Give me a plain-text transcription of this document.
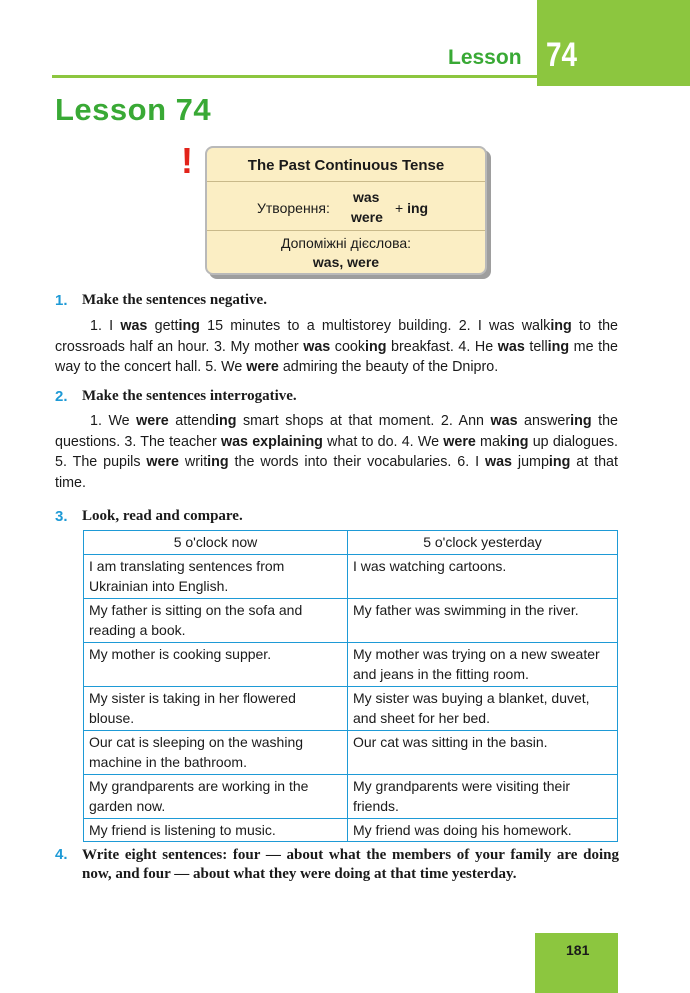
Lesson 74
Lesson 74
!	The Past Continuous Tense
Утворення:
was
were
+ ing
Допоміжні дієслова:
was, were
1. Make the sentences negative.
1. I was getting 15 minutes to a multistorey building. 2. I was walking to the crossroads half an hour. 3. My mother was cooking breakfast. 4. He was telling me the way to the concert hall. 5. We were admiring the beauty of the Dnipro.
2. Make the sentences interrogative.
1. We were attending smart shops at that moment. 2. Ann was answering the questions. 3. The teacher was explaining what to do. 4. We were making up dialogues. 5. The pupils were writing the words into their vocabularies. 6. I was jumping at that time.
3. Look, read and compare.
5 o'clock now	5 o'clock yesterday
I am translating sentences from Ukrainian into English.	I was watching cartoons.
My father is sitting on the sofa and reading a book.	My father was swimming in the river.
My mother is cooking supper.	My mother was trying on a new sweater and jeans in the fitting room.
My sister is taking in her flowered blouse.	My sister was buying a blanket, duvet, and sheet for her bed.
Our cat is sleeping on the washing machine in the bathroom.	Our cat was sitting in the basin.
My grandparents are working in the garden now.	My grandparents were visiting their friends.
My friend is listening to music.	My friend was doing his homework.
4. Write eight sentences: four — about what the members of your family are doing now, and four — about what they were doing at that time yesterday.
181
